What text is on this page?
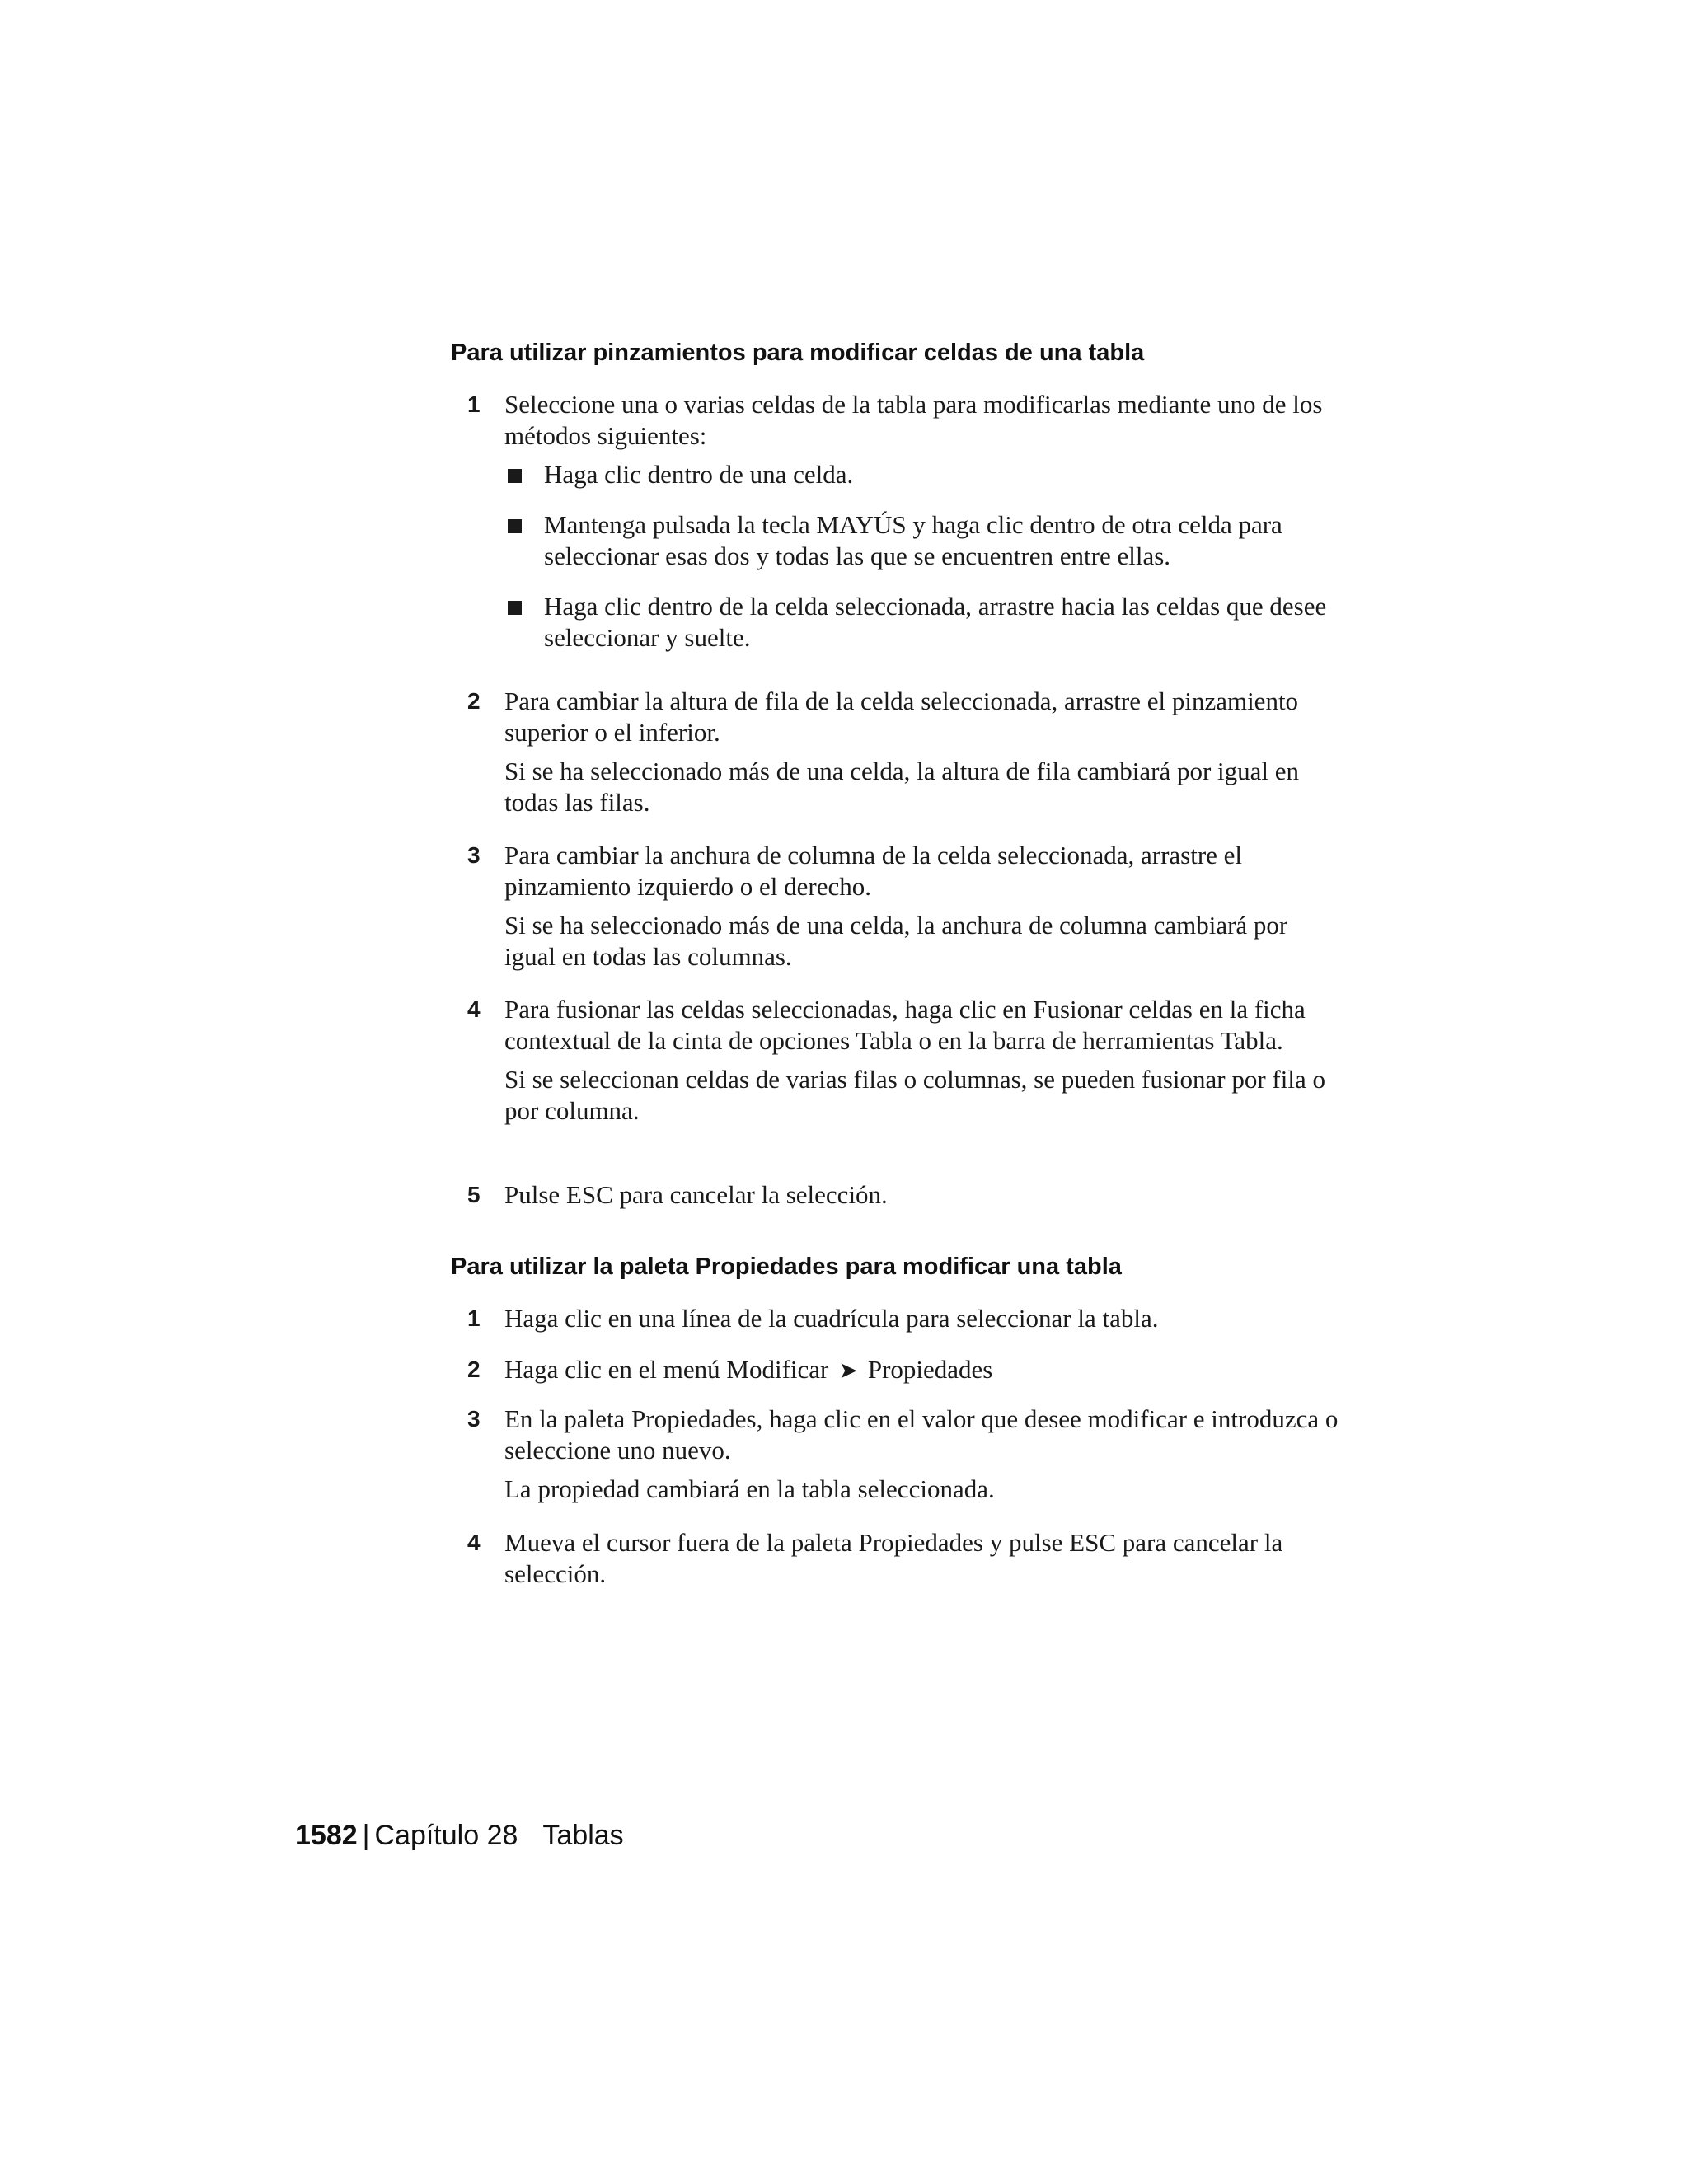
Para utilizar pinzamientos para modificar celdas de una tabla
1 Seleccione una o varias celdas de la tabla para modificarlas mediante uno de los métodos siguientes:
Haga clic dentro de una celda.
Mantenga pulsada la tecla MAYÚS y haga clic dentro de otra celda para seleccionar esas dos y todas las que se encuentren entre ellas.
Haga clic dentro de la celda seleccionada, arrastre hacia las celdas que desee seleccionar y suelte.
2 Para cambiar la altura de fila de la celda seleccionada, arrastre el pinzamiento superior o el inferior.
Si se ha seleccionado más de una celda, la altura de fila cambiará por igual en todas las filas.
3 Para cambiar la anchura de columna de la celda seleccionada, arrastre el pinzamiento izquierdo o el derecho.
Si se ha seleccionado más de una celda, la anchura de columna cambiará por igual en todas las columnas.
4 Para fusionar las celdas seleccionadas, haga clic en Fusionar celdas en la ficha contextual de la cinta de opciones Tabla o en la barra de herramientas Tabla.
Si se seleccionan celdas de varias filas o columnas, se pueden fusionar por fila o por columna.
5 Pulse ESC para cancelar la selección.
Para utilizar la paleta Propiedades para modificar una tabla
1 Haga clic en una línea de la cuadrícula para seleccionar la tabla.
2 Haga clic en el menú Modificar ➤ Propiedades
3 En la paleta Propiedades, haga clic en el valor que desee modificar e introduzca o seleccione uno nuevo.
La propiedad cambiará en la tabla seleccionada.
4 Mueva el cursor fuera de la paleta Propiedades y pulse ESC para cancelar la selección.
1582 | Capítulo 28 Tablas
